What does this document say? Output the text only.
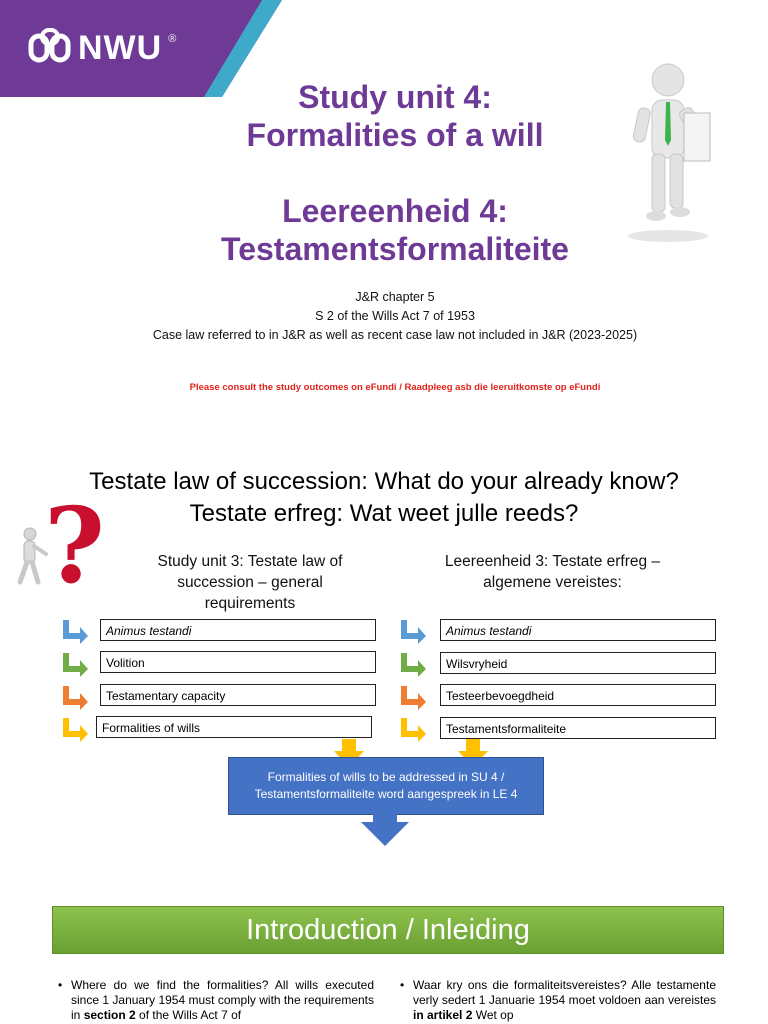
NWU ®
Study unit 4:
Formalities of a will
Leereenheid 4:
Testamentsformaliteite
J&R chapter 5
S 2 of the Wills Act 7 of 1953
Case law referred to in J&R as well as recent case law not included in J&R (2023-2025)
Please consult the study outcomes on eFundi / Raadpleeg asb die leeruitkomste op eFundi
Testate law of succession: What do your already know?
Testate erfreg: Wat weet julle reeds?
?	Study unit 3: Testate law of
succession – general
requirements
Leereenheid 3: Testate erfreg –
algemene vereistes:
Animus testandi
Volition
Testamentary capacity
Formalities of wills
Animus testandi
Wilsvryheid
Testeerbevoegdheid
Testamentsformaliteite
Formalities of wills to be addressed in SU 4 /
Testamentsformaliteite word aangespreek in LE 4
Introduction / Inleiding
• Where do we find the formalities? All wills executed since 1 January 1954 must comply with the requirements in section 2 of the Wills Act 7 of
• Waar kry ons die formaliteitsvereistes? Alle testamente verly sedert 1 Januarie 1954 moet voldoen aan vereistes in artikel 2 Wet op
